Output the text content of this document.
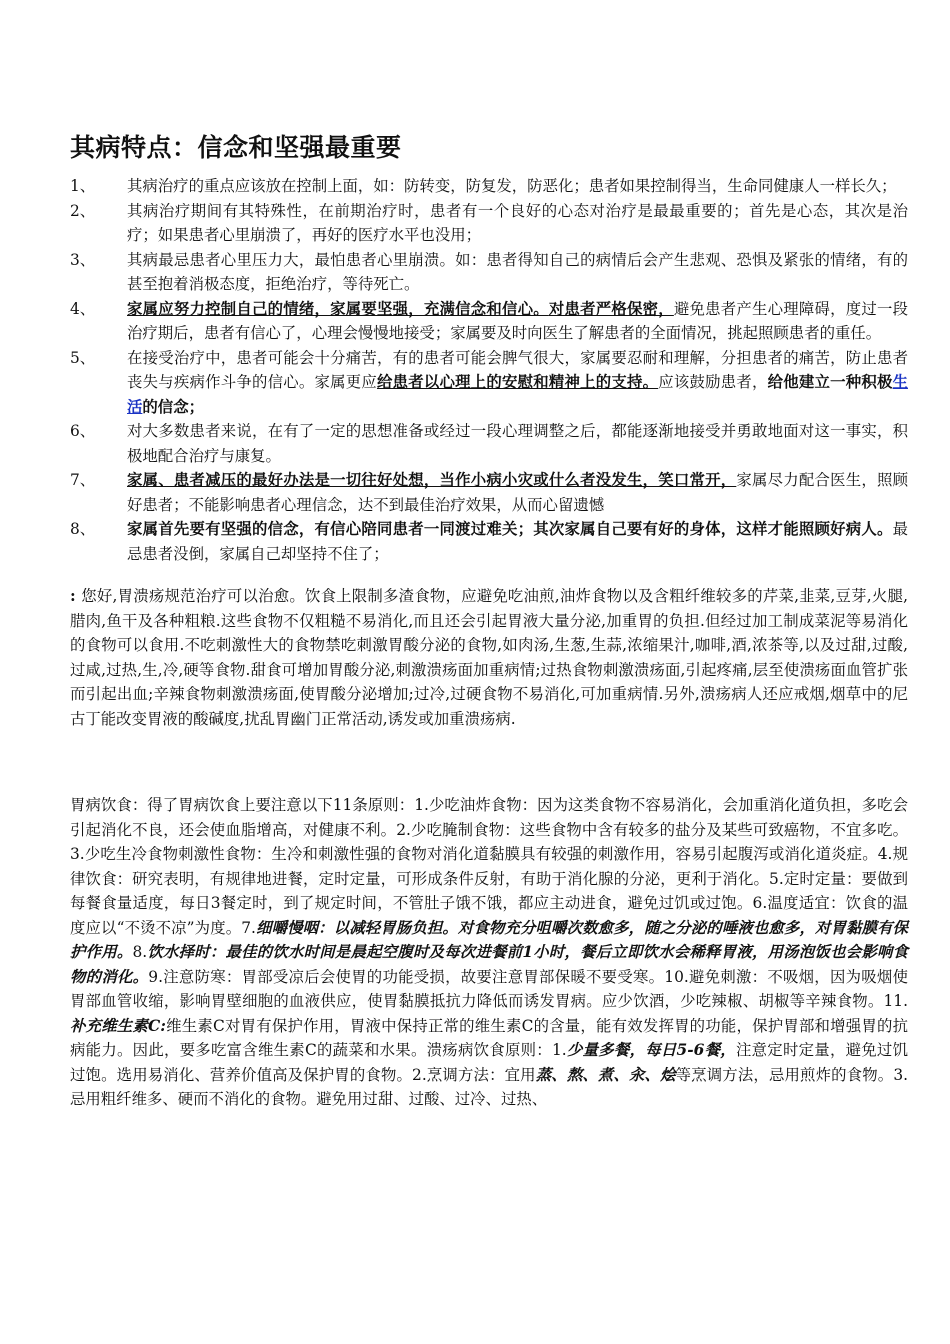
其病特点：信念和坚强最重要
1、	其病治疗的重点应该放在控制上面，如：防转变，防复发，防恶化；患者如果控制得当，生命同健康人一样长久；
2、	其病治疗期间有其特殊性，在前期治疗时，患者有一个良好的心态对治疗是最最重要的；首先是心态，其次是治疗；如果患者心里崩溃了，再好的医疗水平也没用；
3、	其病最忌患者心里压力大，最怕患者心里崩溃。如：患者得知自己的病情后会产生悲观、恐惧及紧张的情绪，有的甚至抱着消极态度，拒绝治疗，等待死亡。
4、	家属应努力控制自己的情绪，家属要坚强，充满信念和信心。对患者严格保密，避免患者产生心理障碍，度过一段治疗期后，患者有信心了，心理会慢慢地接受；家属要及时向医生了解患者的全面情况，挑起照顾患者的重任。
5、	在接受治疗中，患者可能会十分痛苦，有的患者可能会脾气很大，家属要忍耐和理解，分担患者的痛苦，防止患者丧失与疾病作斗争的信心。家属更应给患者以心理上的安慰和精神上的支持。应该鼓励患者，给他建立一种积极生活的信念；
6、	对大多数患者来说，在有了一定的思想准备或经过一段心理调整之后，都能逐渐地接受并勇敢地面对这一事实，积极地配合治疗与康复。
7、	家属、患者减压的最好办法是一切往好处想，当作小病小灾或什么者没发生，笑口常开，家属尽力配合医生，照顾好患者；不能影响患者心理信念，达不到最佳治疗效果，从而心留遗憾
8、	家属首先要有坚强的信念，有信心陪同患者一同渡过难关；其次家属自己要有好的身体，这样才能照顾好病人。最忌患者没倒，家属自己却坚持不住了；

: 您好,胃溃疡规范治疗可以治愈。饮食上限制多渣食物，应避免吃油煎,油炸食物以及含粗纤维较多的芹菜,韭菜,豆芽,火腿,腊肉,鱼干及各种粗粮.这些食物不仅粗糙不易消化,而且还会引起胃液大量分泌,加重胃的负担.但经过加工制成菜泥等易消化的食物可以食用.不吃刺激性大的食物禁吃刺激胃酸分泌的食物,如肉汤,生葱,生蒜,浓缩果汁,咖啡,酒,浓茶等,以及过甜,过酸,过咸,过热,生,冷,硬等食物.甜食可增加胃酸分泌,刺激溃疡面加重病情;过热食物刺激溃疡面,引起疼痛,层至使溃疡面血管扩张而引起出血;辛辣食物刺激溃疡面,使胃酸分泌增加;过冷,过硬食物不易消化,可加重病情.另外,溃疡病人还应戒烟,烟草中的尼古丁能改变胃液的酸碱度,扰乱胃幽门正常活动,诱发或加重溃疡病.

胃病饮食：得了胃病饮食上要注意以下11条原则：1.少吃油炸食物：因为这类食物不容易消化，会加重消化道负担，多吃会引起消化不良，还会使血脂增高，对健康不利。2.少吃腌制食物：这些食物中含有较多的盐分及某些可致癌物，不宜多吃。3.少吃生冷食物刺激性食物：生冷和刺激性强的食物对消化道黏膜具有较强的刺激作用，容易引起腹泻或消化道炎症。4.规律饮食：研究表明，有规律地进餐，定时定量，可形成条件反射，有助于消化腺的分泌，更利于消化。5.定时定量：要做到每餐食量适度，每日3餐定时，到了规定时间，不管肚子饿不饿，都应主动进食，避免过饥或过饱。6.温度适宜：饮食的温度应以“不烫不凉”为度。7.细嚼慢咽：以减轻胃肠负担。对食物充分咀嚼次数愈多，随之分泌的唾液也愈多，对胃黏膜有保护作用。8.饮水择时：最佳的饮水时间是晨起空腹时及每次进餐前1小时，餐后立即饮水会稀释胃液，用汤泡饭也会影响食物的消化。9.注意防寒：胃部受凉后会使胃的功能受损，故要注意胃部保暖不要受寒。10.避免刺激：不吸烟，因为吸烟使胃部血管收缩，影响胃壁细胞的血液供应，使胃黏膜抵抗力降低而诱发胃病。应少饮酒，少吃辣椒、胡椒等辛辣食物。11.补充维生素C:维生素C对胃有保护作用，胃液中保持正常的维生素C的含量，能有效发挥胃的功能，保护胃部和增强胃的抗病能力。因此，要多吃富含维生素C的蔬菜和水果。溃疡病饮食原则：1.少量多餐，每日5-6餐，注意定时定量，避免过饥过饱。选用易消化、营养价值高及保护胃的食物。2.烹调方法：宜用蒸、熬、煮、汆、烩等烹调方法，忌用煎炸的食物。3.忌用粗纤维多、硬而不消化的食物。避免用过甜、过酸、过冷、过热、
